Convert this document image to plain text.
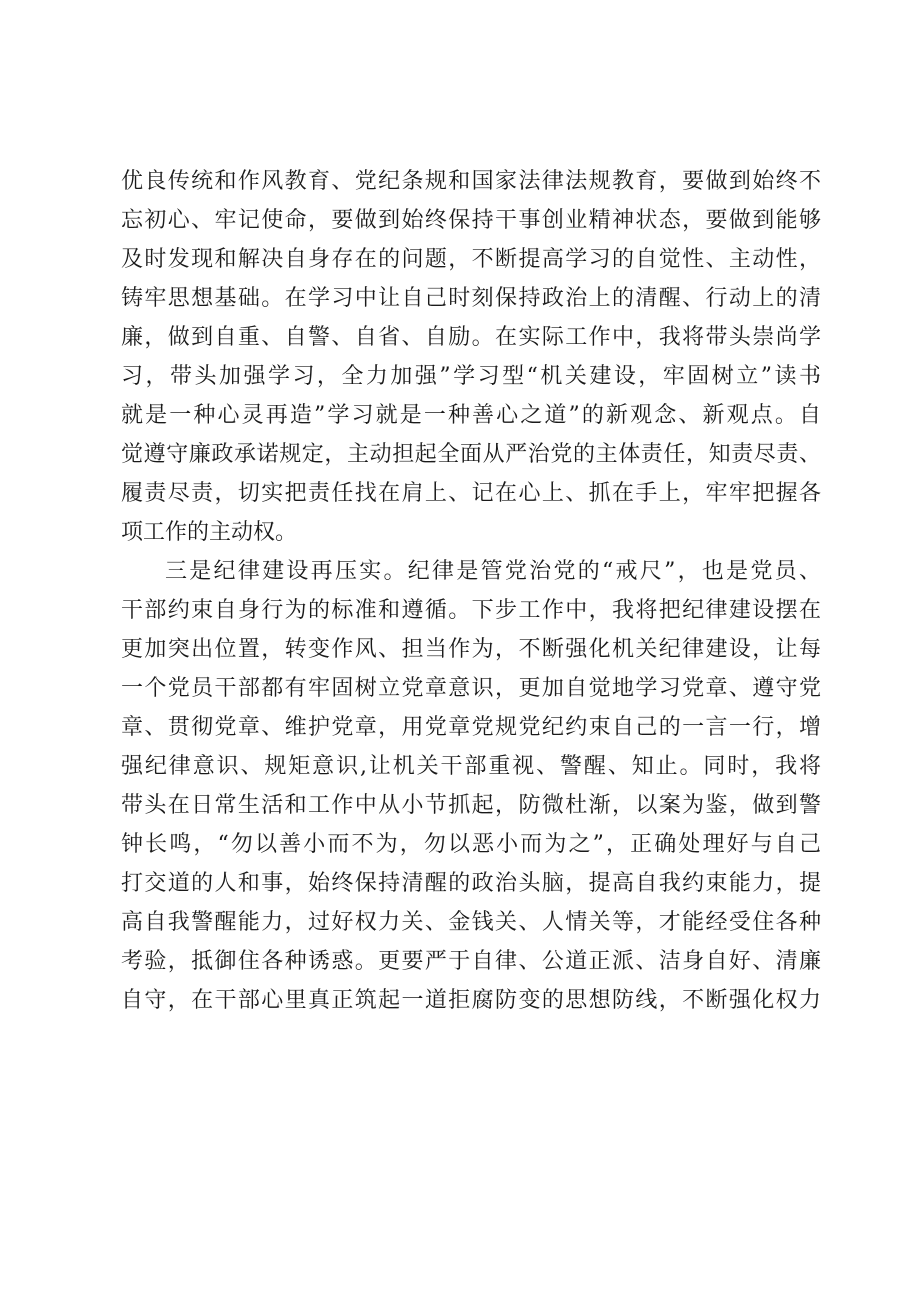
优良传统和作风教育、党纪条规和国家法律法规教育，要做到始终不
忘初心、牢记使命，要做到始终保持干事创业精神状态，要做到能够
及时发现和解决自身存在的问题，不断提高学习的自觉性、主动性，
铸牢思想基础。在学习中让自己时刻保持政治上的清醒、行动上的清
廉，做到自重、自警、自省、自励。在实际工作中，我将带头崇尚学
习，带头加强学习，全力加强”学习型“机关建设，牢固树立”读书
就是一种心灵再造”学习就是一种善心之道”的新观念、新观点。自
觉遵守廉政承诺规定，主动担起全面从严治党的主体责任，知责尽责、
履责尽责，切实把责任找在肩上、记在心上、抓在手上，牢牢把握各
项工作的主动权。
三是纪律建设再压实。纪律是管党治党的“戒尺”，也是党员、
干部约束自身行为的标准和遵循。下步工作中，我将把纪律建设摆在
更加突出位置，转变作风、担当作为，不断强化机关纪律建设，让每
一个党员干部都有牢固树立党章意识，更加自觉地学习党章、遵守党
章、贯彻党章、维护党章，用党章党规党纪约束自己的一言一行，增
强纪律意识、规矩意识,让机关干部重视、警醒、知止。同时，我将
带头在日常生活和工作中从小节抓起，防微杜渐，以案为鉴，做到警
钟长鸣，“勿以善小而不为，勿以恶小而为之”，正确处理好与自己
打交道的人和事，始终保持清醒的政治头脑，提高自我约束能力，提
高自我警醒能力，过好权力关、金钱关、人情关等，才能经受住各种
考验，抵御住各种诱惑。更要严于自律、公道正派、洁身自好、清廉
自守，在干部心里真正筑起一道拒腐防变的思想防线，不断强化权力
